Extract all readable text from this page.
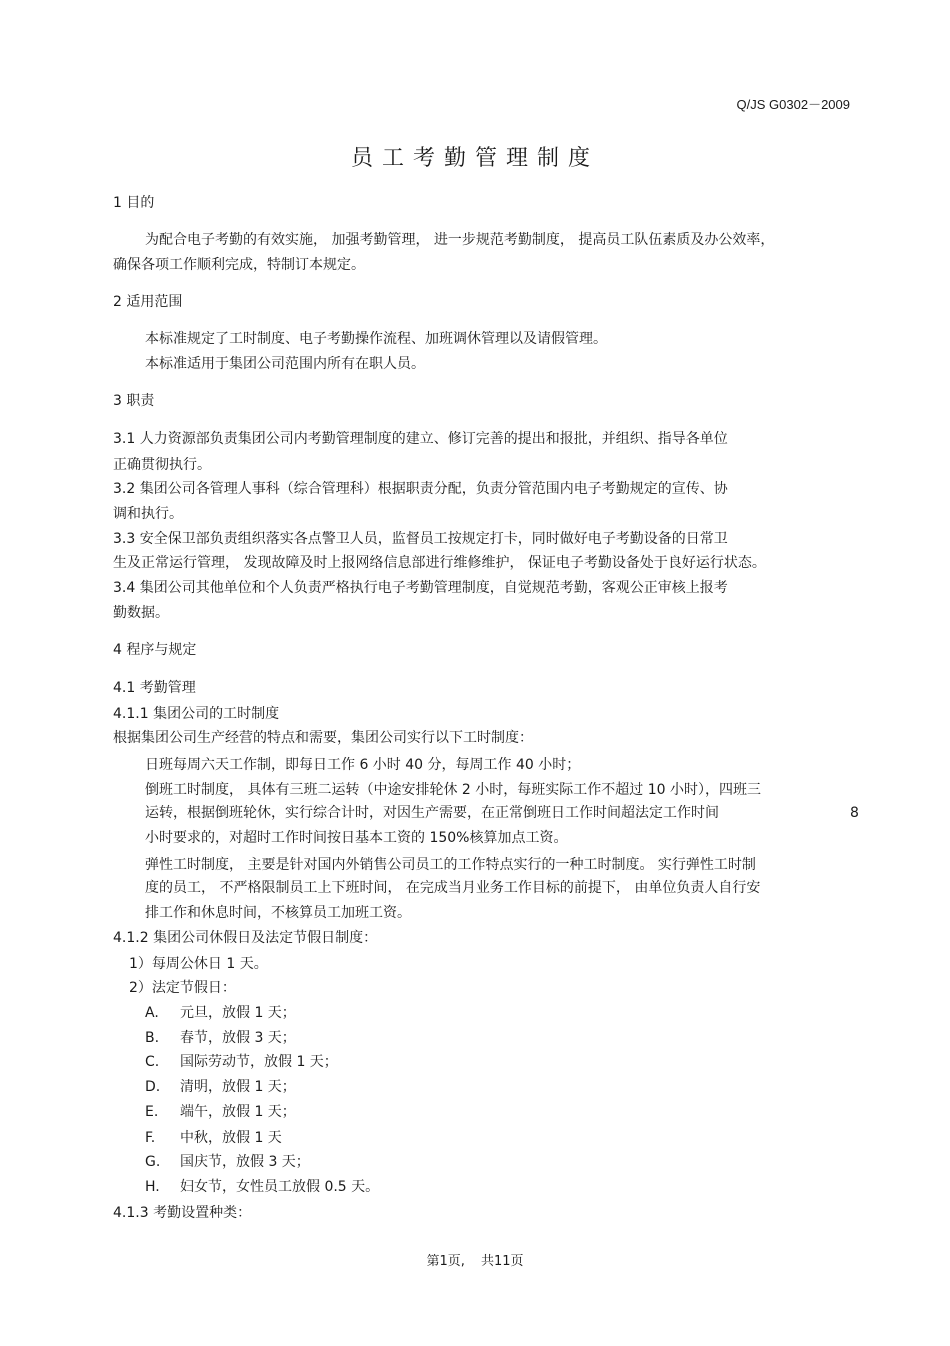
Q/JS G0302－2009
员工考勤管理制度
1 目的
为配合电子考勤的有效实施， 加强考勤管理， 进一步规范考勤制度， 提高员工队伍素质及办公效率，
确保各项工作顺利完成，特制订本规定。
2 适用范围
本标准规定了工时制度、电子考勤操作流程、加班调休管理以及请假管理。
本标准适用于集团公司范围内所有在职人员。
3 职责
3.1 人力资源部负责集团公司内考勤管理制度的建立、修订完善的提出和报批，并组织、指导各单位
正确贯彻执行。
3.2 集团公司各管理人事科（综合管理科）根据职责分配，负责分管范围内电子考勤规定的宣传、协
调和执行。
3.3 安全保卫部负责组织落实各点警卫人员，监督员工按规定打卡，同时做好电子考勤设备的日常卫
生及正常运行管理， 发现故障及时上报网络信息部进行维修维护， 保证电子考勤设备处于良好运行状态。
3.4 集团公司其他单位和个人负责严格执行电子考勤管理制度，自觉规范考勤，客观公正审核上报考
勤数据。
4 程序与规定
4.1 考勤管理
4.1.1 集团公司的工时制度
根据集团公司生产经营的特点和需要，集团公司实行以下工时制度：
日班每周六天工作制，即每日工作 6 小时 40 分，每周工作 40 小时；
倒班工时制度， 具体有三班二运转（中途安排轮休 2 小时，每班实际工作不超过 10 小时），四班三
运转，根据倒班轮休，实行综合计时，对因生产需要，在正常倒班日工作时间超法定工作时间	8
小时要求的，对超时工作时间按日基本工资的 150%核算加点工资。
弹性工时制度， 主要是针对国内外销售公司员工的工作特点实行的一种工时制度。 实行弹性工时制
度的员工， 不严格限制员工上下班时间， 在完成当月业务工作目标的前提下， 由单位负责人自行安
排工作和休息时间，不核算员工加班工资。
4.1.2 集团公司休假日及法定节假日制度：
1）每周公休日 1 天。
2）法定节假日：
A. 元旦，放假 1 天；
B. 春节，放假 3 天；
C. 国际劳动节，放假 1 天；
D. 清明，放假 1 天；
E. 端午，放假 1 天；
F. 中秋，放假 1 天
G. 国庆节，放假 3 天；
H. 妇女节，女性员工放假 0.5 天。
4.1.3 考勤设置种类：
第1页, 共11页
